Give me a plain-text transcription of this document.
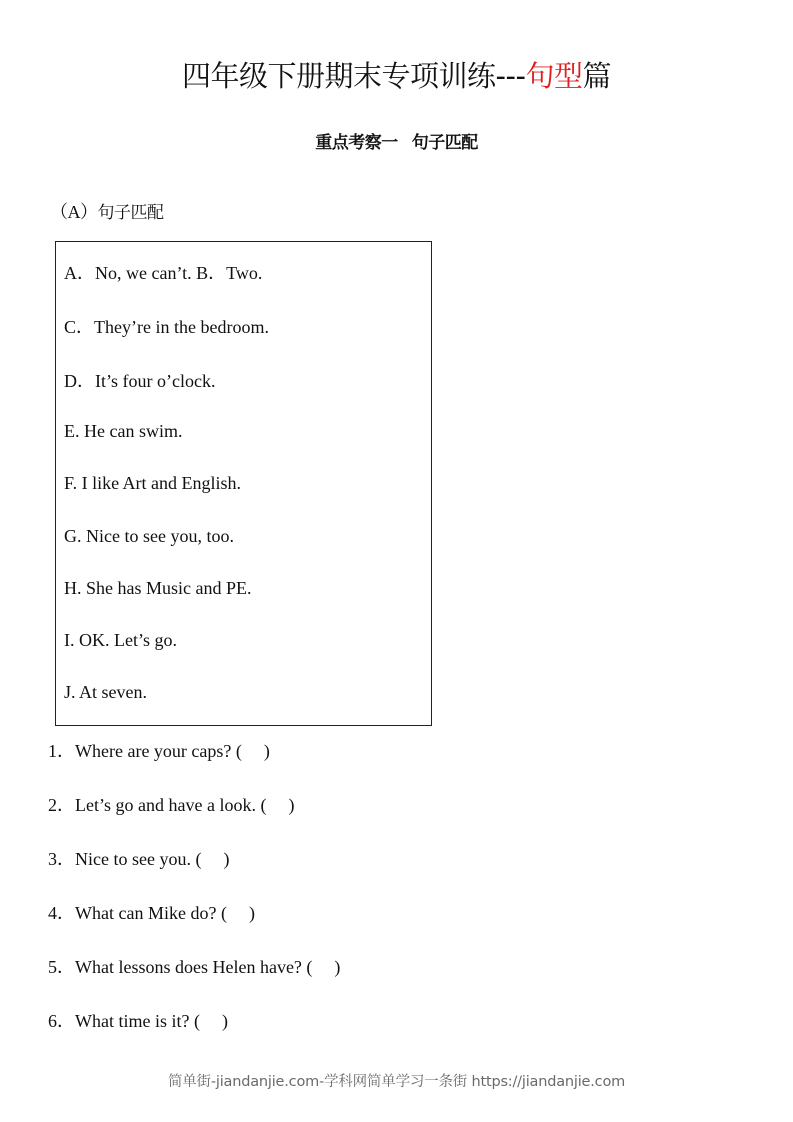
四年级下册期末专项训练---句型篇
重点考察一 句子匹配
（A）句子匹配
A．No, we can’t. B．Two.
C．They’re in the bedroom.
D．It’s four o’clock.
E. He can swim.
F. I like Art and English.
G. Nice to see you, too.
H. She has Music and PE.
I. OK. Let’s go.
J. At seven.
1．Where are your caps? ( )
2．Let’s go and have a look. ( )
3．Nice to see you. ( )
4．What can Mike do? ( )
5．What lessons does Helen have? ( )
6．What time is it? ( )
简单街-jiandanjie.com-学科网简单学习一条街 https://jiandanjie.com
